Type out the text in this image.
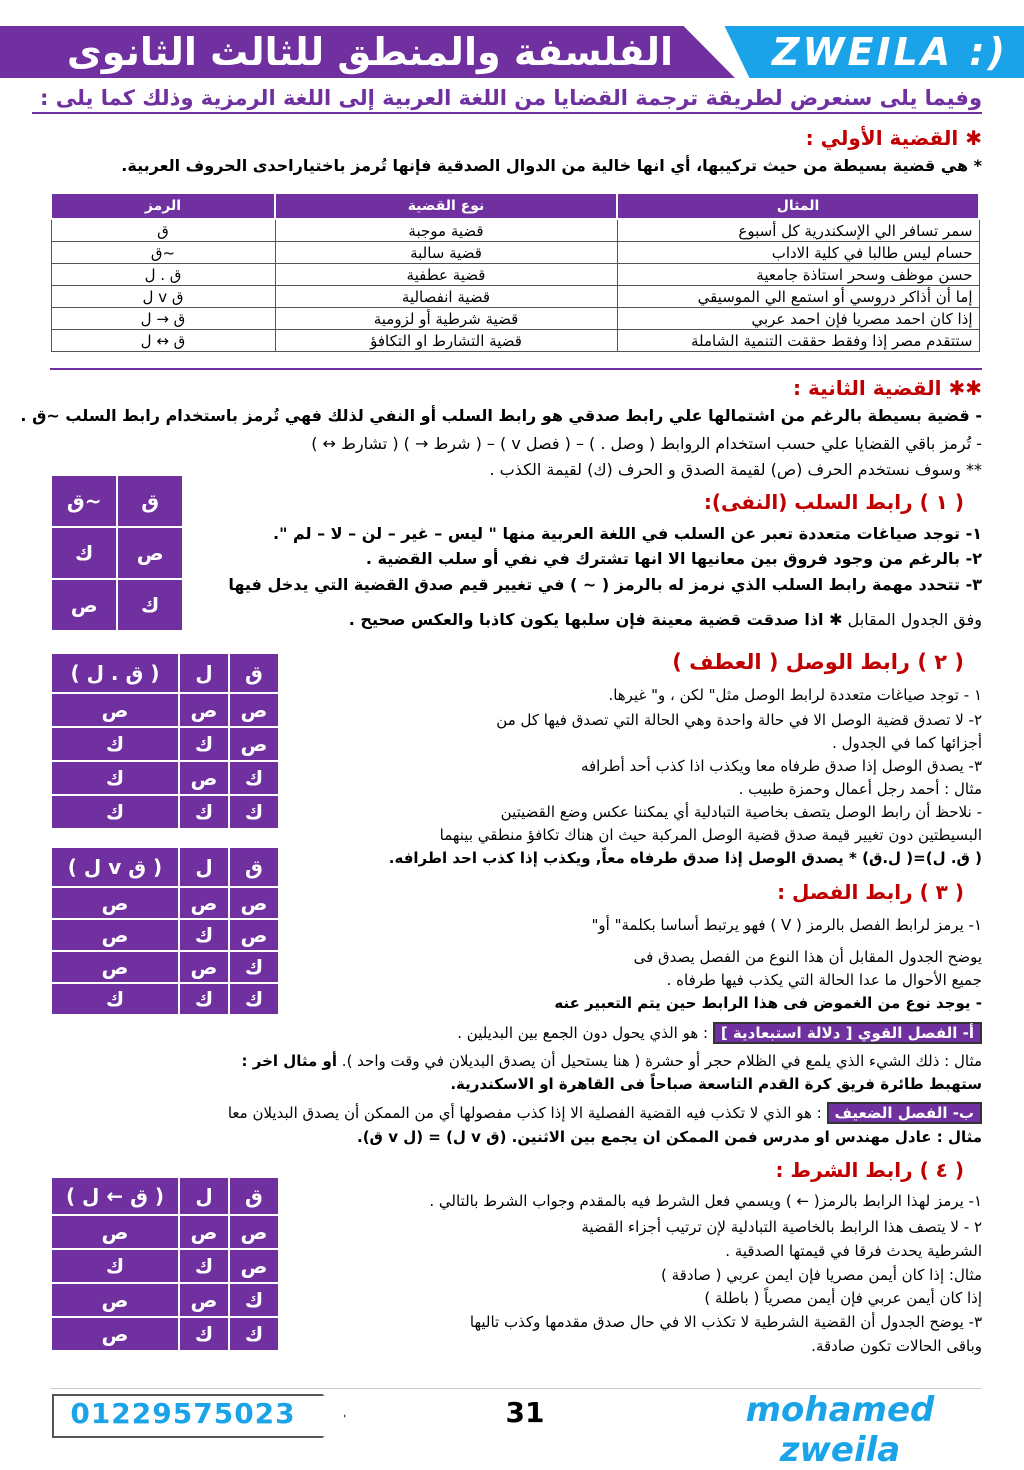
الفلسفة والمنطق للثالث الثانوى	ZWEILA :)
وفيما يلى سنعرض لطريقة ترجمة القضايا من اللغة العربية إلى اللغة الرمزية وذلك كما يلى :
✱ القضية الأولي :
* هي قضية بسيطة من حيث تركيبها، أي انها خالية من الدوال الصدقية فإنها تُرمز باختياراحدى الحروف العربية.
المثال	نوع القضية	الرمز
سمر تسافر الي الإسكندرية كل أسبوع	قضية موجبة	ق
حسام ليس طالبا في كلية الاداب	قضية سالبة	~ق
حسن موظف وسحر استاذة جامعية	قضية عطفية	ق . ل
إما أن أذاكر دروسي أو استمع الي الموسيقي	قضية انفصالية	ق v ل
إذا كان احمد مصريا فإن احمد عربي	قضية شرطية أو لزومية	ق → ل
ستتقدم مصر إذا وفقط حققت التنمية الشاملة	قضية التشارط او التكافؤ	ق ↔ ل
✱✱ القضية الثانية :
- قضية بسيطة بالرغم من اشتمالها علي رابط صدقي هو رابط السلب أو النفي لذلك فهي تُرمز باستخدام رابط السلب ~ق .
- تُرمز باقي القضايا علي حسب استخدام الروابط ( وصل . ) – ( فصل v ) – ( شرط → ) ( تشارط ↔ )
** وسوف نستخدم الحرف (ص) لقيمة الصدق و الحرف (ك) لقيمة الكذب .
( ١ ) رابط السلب (النفى):
١- توجد صياغات متعددة تعبر عن السلب في اللغة العربية منها " ليس – غير – لن – لا – لم ".
٢- بالرغم من وجود فروق بين معانيها الا انها تشترك في نفي أو سلب القضية .
٣- تتحدد مهمة رابط السلب الذي نرمز له بالرمز ( ~ ) في تغيير قيم صدق القضية التي يدخل فيها
وفق الجدول المقابل ✱ اذا صدقت قضية معينة فإن سلبها يكون كاذبا والعكس صحيح .
ق	~ق
ص	ك
ك	ص
( ٢ ) رابط الوصل ( العطف )
١ - توجد صياغات متعددة لرابط الوصل مثل" لكن ، و" غيرها.
٢- لا تصدق قضية الوصل الا في حالة واحدة وهي الحالة التي تصدق فيها كل من
أجزائها كما في الجدول .
٣- يصدق الوصل إذا صدق طرفاه معا ويكذب اذا كذب أحد أطرافه
مثال : أحمد رجل أعمال وحمزة طبيب .
- نلاحظ أن رابط الوصل يتصف بخاصية التبادلية أي يمكننا عكس وضع القضيتين
البسيطتين دون تغيير قيمة صدق قضية الوصل المركبة حيث ان هناك تكافؤ منطقي بينهما
( ق. ل)=( ل.ق) * يصدق الوصل إذا صدق طرفاه معاً, ويكذب إذا كذب احد اطرافه.
ق	ل	( ق . ل )
ص	ص	ص
ص	ك	ك
ك	ص	ك
ك	ك	ك
( ٣ ) رابط الفصل :
١- يرمز لرابط الفصل بالرمز ( V ) فهو يرتبط أساسا بكلمة" أو"
يوضح الجدول المقابل أن هذا النوع من الفصل يصدق فى
جميع الأحوال ما عدا الحالة التي يكذب فيها طرفاه .
- يوجد نوع من الغموض فى هذا الرابط حين يتم التعبير عنه
أ- الفصل القوي [ دلالة استبعادية ] : هو الذي يحول دون الجمع بين البديلين .
مثال : ذلك الشيء الذي يلمع في الظلام حجر أو حشرة ( هنا يستحيل أن يصدق البديلان في وقت واحد ). أو مثال اخر :
ستهبط طائرة فريق كرة القدم التاسعة صباحاً فى القاهرة او الاسكندرية.
ب- الفصل الضعيف : هو الذي لا تكذب فيه القضية الفصلية الا إذا كذب مفصولها أي من الممكن أن يصدق البديلان معا
مثال : عادل مهندس او مدرس فمن الممكن ان يجمع بين الاثنين. (ق v ل) = (ل v ق).
ق	ل	( ق v ل )
ص	ص	ص
ص	ك	ص
ك	ص	ص
ك	ك	ك
( ٤ ) رابط الشرط :
١- يرمز لهذا الرابط بالرمز( ← ) ويسمي فعل الشرط فيه بالمقدم وجواب الشرط بالتالي .
٢ - لا يتصف هذا الرابط بالخاصية التبادلية لإن ترتيب أجزاء القضية
الشرطية يحدث فرقا في قيمتها الصدقية .
مثال: إذا كان أيمن مصريا فإن ايمن عربي ( صادقة )
إذا كان أيمن عربي فإن أيمن مصرياً ( باطلة )
٣- يوضح الجدول أن القضية الشرطية لا تكذب الا في حال صدق مقدمها وكذب تاليها
وباقى الحالات تكون صادقة.
ق	ل	( ق ← ل )
ص	ص	ص
ص	ك	ك
ك	ص	ص
ك	ك	ص
01229575023	31	mohamed zweila
